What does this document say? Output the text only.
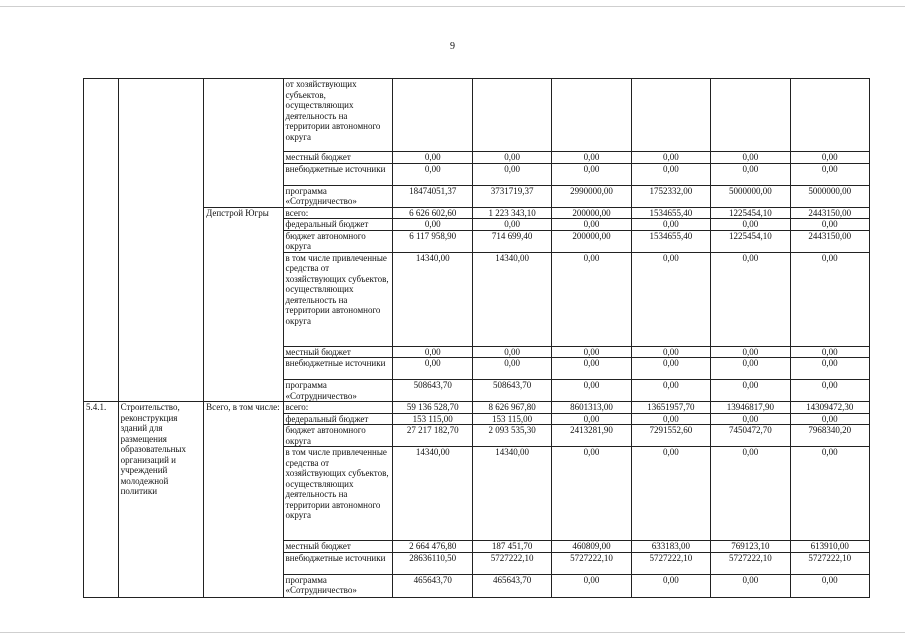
9
			от хозяйствующих субъектов, осуществляющих деятельность на территории автономного округа						
			местный бюджет	0,00	0,00	0,00	0,00	0,00	0,00
			внебюджетные источники	0,00	0,00	0,00	0,00	0,00	0,00
			программа «Сотрудничество»	18474051,37	3731719,37	2990000,00	1752332,00	5000000,00	5000000,00
		Депстрой Югры	всего:	6 626 602,60	1 223 343,10	200000,00	1534655,40	1225454,10	2443150,00
			федеральный бюджет	0,00	0,00	0,00	0,00	0,00	0,00
			бюджет автономного округа	6 117 958,90	714 699,40	200000,00	1534655,40	1225454,10	2443150,00
			в том числе привлеченные средства от хозяйствующих субъектов, осуществляющих деятельность на территории автономного округа	14340,00	14340,00	0,00	0,00	0,00	0,00
			местный бюджет	0,00	0,00	0,00	0,00	0,00	0,00
			внебюджетные источники	0,00	0,00	0,00	0,00	0,00	0,00
			программа «Сотрудничество»	508643,70	508643,70	0,00	0,00	0,00	0,00
5.4.1.	Строительство, реконструкция зданий для размещения образовательных организаций и учреждений молодежной политики	Всего, в том числе:	всего:	59 136 528,70	8 626 967,80	8601313,00	13651957,70	13946817,90	14309472,30
			федеральный бюджет	153 115,00	153 115,00	0,00	0,00	0,00	0,00
			бюджет автономного округа	27 217 182,70	2 093 535,30	2413281,90	7291552,60	7450472,70	7968340,20
			в том числе привлеченные средства от хозяйствующих субъектов, осуществляющих деятельность на территории автономного округа	14340,00	14340,00	0,00	0,00	0,00	0,00
			местный бюджет	2 664 476,80	187 451,70	460809,00	633183,00	769123,10	613910,00
			внебюджетные источники	28636110,50	5727222,10	5727222,10	5727222,10	5727222,10	5727222,10
			программа «Сотрудничество»	465643,70	465643,70	0,00	0,00	0,00	0,00
